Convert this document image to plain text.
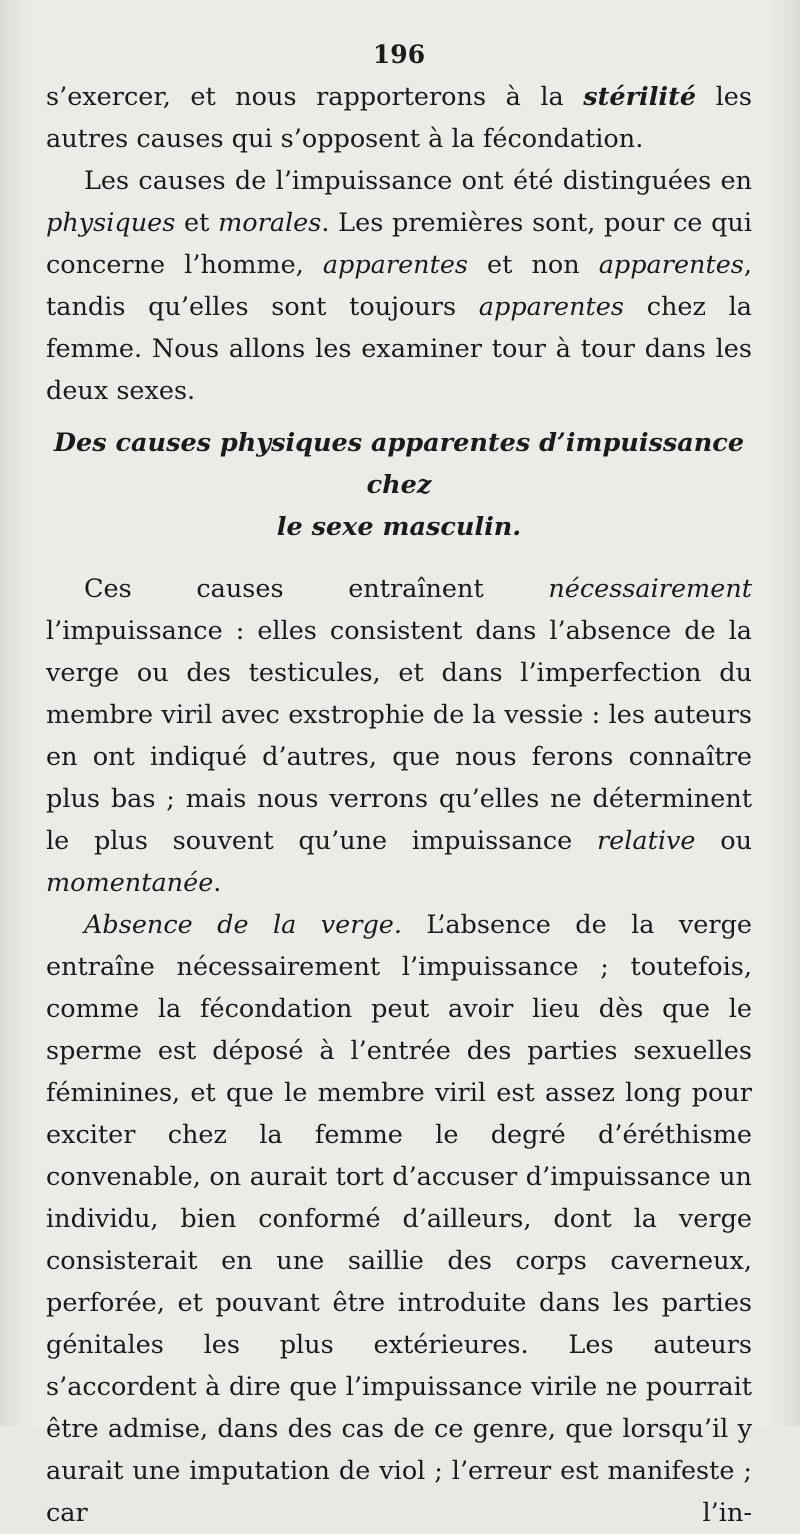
196

s’exercer, et nous rapporterons à la stérilité les autres causes qui s’opposent à la fécondation.

Les causes de l’impuissance ont été distinguées en physiques et morales. Les premières sont, pour ce qui concerne l’homme, apparentes et non apparentes, tandis qu’elles sont toujours apparentes chez la femme. Nous allons les examiner tour à tour dans les deux sexes.

Des causes physiques apparentes d’impuissance chez
le sexe masculin.

Ces causes entraînent nécessairement l’impuissance : elles consistent dans l’absence de la verge ou des testicules, et dans l’imperfection du membre viril avec exstrophie de la vessie : les auteurs en ont indiqué d’autres, que nous ferons connaître plus bas ; mais nous verrons qu’elles ne déterminent le plus souvent qu’une impuissance relative ou momentanée.

Absence de la verge. L’absence de la verge entraîne nécessairement l’impuissance ; toutefois, comme la fécondation peut avoir lieu dès que le sperme est déposé à l’entrée des parties sexuelles féminines, et que le membre viril est assez long pour exciter chez la femme le degré d’éréthisme convenable, on aurait tort d’accuser d’impuissance un individu, bien conformé d’ailleurs, dont la verge consisterait en une saillie des corps caverneux, perforée, et pouvant être introduite dans les parties génitales les plus extérieures. Les auteurs s’accordent à dire que l’impuissance virile ne pourrait être admise, dans des cas de ce genre, que lorsqu’il y aurait une imputation de viol ; l’erreur est manifeste ; car l’in-
